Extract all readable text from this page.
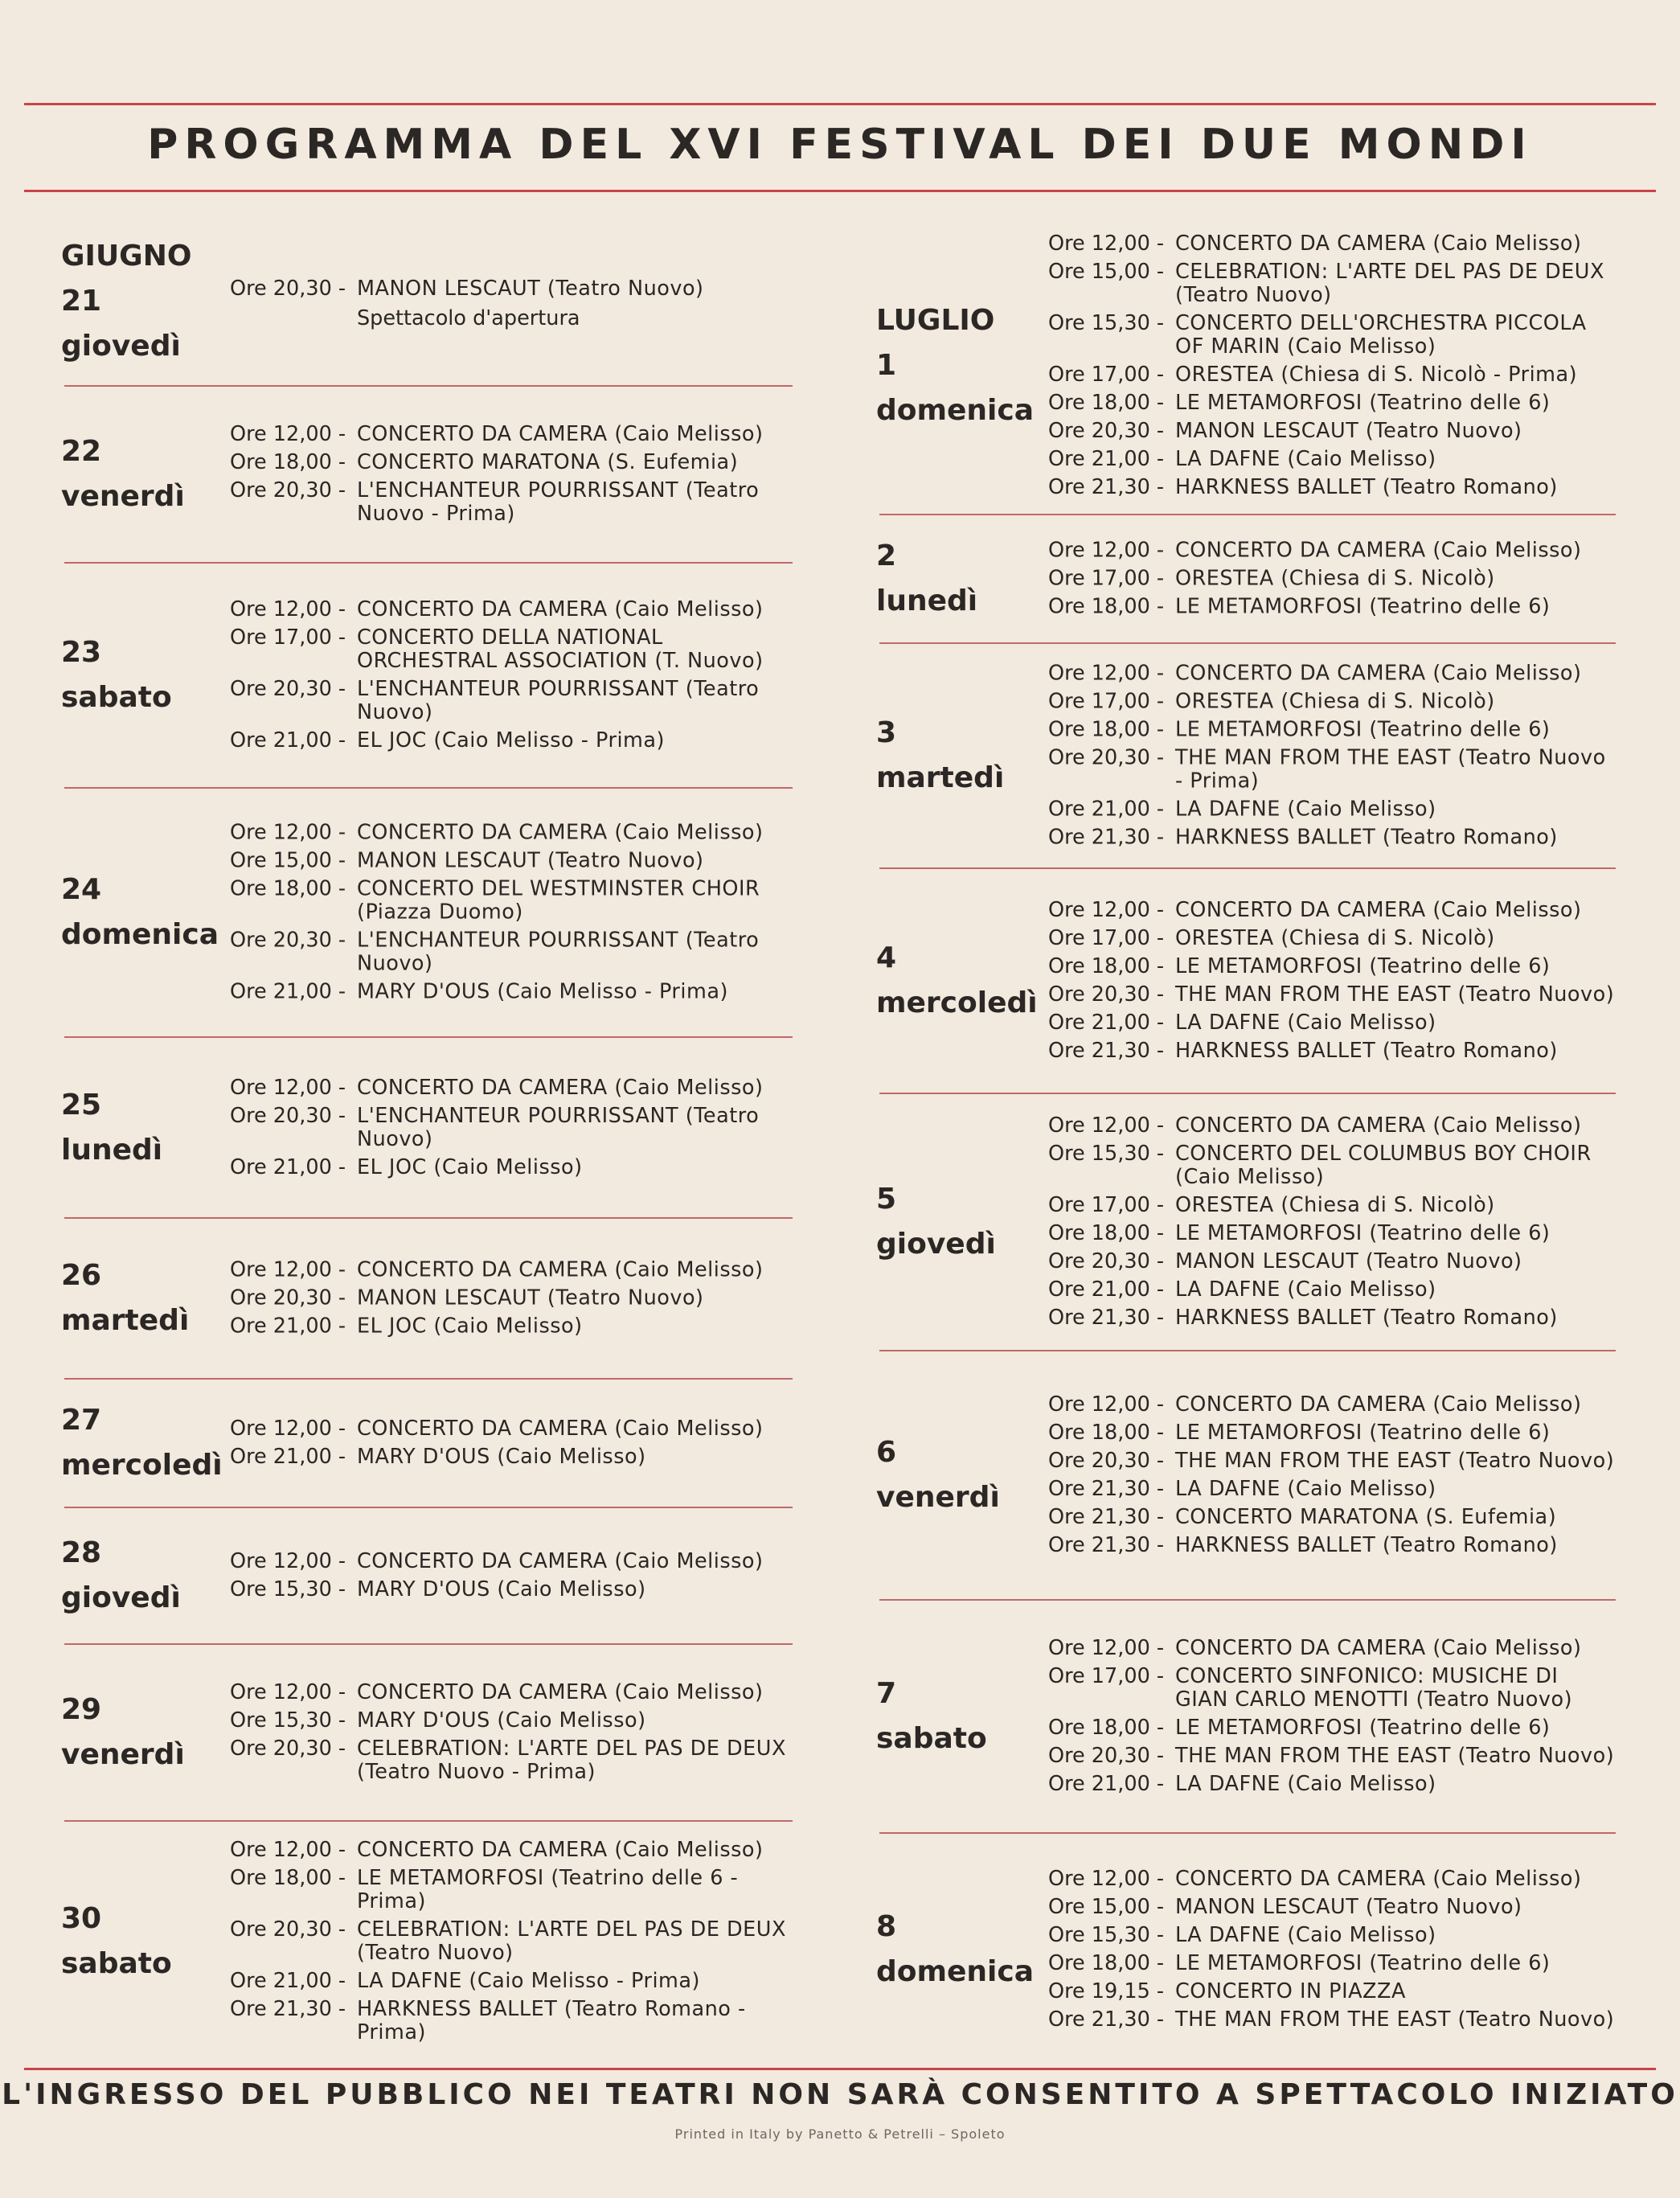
PROGRAMMA DEL XVI FESTIVAL DEI DUE MONDI
GIUGNO
21
giovedì
Ore 20,30 - MANON LESCAUT (Teatro Nuovo)
Spettacolo d'apertura
22
venerdì
Ore 12,00 - CONCERTO DA CAMERA (Caio Melisso)
Ore 18,00 - CONCERTO MARATONA (S. Eufemia)
Ore 20,30 - L'ENCHANTEUR POURRISSANT (Teatro Nuovo - Prima)
23
sabato
Ore 12,00 - CONCERTO DA CAMERA (Caio Melisso)
Ore 17,00 - CONCERTO DELLA NATIONAL ORCHESTRAL ASSOCIATION (T. Nuovo)
Ore 20,30 - L'ENCHANTEUR POURRISSANT (Teatro Nuovo)
Ore 21,00 - EL JOC (Caio Melisso - Prima)
24
domenica
Ore 12,00 - CONCERTO DA CAMERA (Caio Melisso)
Ore 15,00 - MANON LESCAUT (Teatro Nuovo)
Ore 18,00 - CONCERTO DEL WESTMINSTER CHOIR (Piazza Duomo)
Ore 20,30 - L'ENCHANTEUR POURRISSANT (Teatro Nuovo)
Ore 21,00 - MARY D'OUS (Caio Melisso - Prima)
25
lunedì
Ore 12,00 - CONCERTO DA CAMERA (Caio Melisso)
Ore 20,30 - L'ENCHANTEUR POURRISSANT (Teatro Nuovo)
Ore 21,00 - EL JOC (Caio Melisso)
26
martedì
Ore 12,00 - CONCERTO DA CAMERA (Caio Melisso)
Ore 20,30 - MANON LESCAUT (Teatro Nuovo)
Ore 21,00 - EL JOC (Caio Melisso)
27
mercoledì
Ore 12,00 - CONCERTO DA CAMERA (Caio Melisso)
Ore 21,00 - MARY D'OUS (Caio Melisso)
28
giovedì
Ore 12,00 - CONCERTO DA CAMERA (Caio Melisso)
Ore 15,30 - MARY D'OUS (Caio Melisso)
29
venerdì
Ore 12,00 - CONCERTO DA CAMERA (Caio Melisso)
Ore 15,30 - MARY D'OUS (Caio Melisso)
Ore 20,30 - CELEBRATION: L'ARTE DEL PAS DE DEUX (Teatro Nuovo - Prima)
30
sabato
Ore 12,00 - CONCERTO DA CAMERA (Caio Melisso)
Ore 18,00 - LE METAMORFOSI (Teatrino delle 6 - Prima)
Ore 20,30 - CELEBRATION: L'ARTE DEL PAS DE DEUX (Teatro Nuovo)
Ore 21,00 - LA DAFNE (Caio Melisso - Prima)
Ore 21,30 - HARKNESS BALLET (Teatro Romano - Prima)
LUGLIO
1
domenica
Ore 12,00 - CONCERTO DA CAMERA (Caio Melisso)
Ore 15,00 - CELEBRATION: L'ARTE DEL PAS DE DEUX (Teatro Nuovo)
Ore 15,30 - CONCERTO DELL'ORCHESTRA PICCOLA OF MARIN (Caio Melisso)
Ore 17,00 - ORESTEA (Chiesa di S. Nicolò - Prima)
Ore 18,00 - LE METAMORFOSI (Teatrino delle 6)
Ore 20,30 - MANON LESCAUT (Teatro Nuovo)
Ore 21,00 - LA DAFNE (Caio Melisso)
Ore 21,30 - HARKNESS BALLET (Teatro Romano)
2
lunedì
Ore 12,00 - CONCERTO DA CAMERA (Caio Melisso)
Ore 17,00 - ORESTEA (Chiesa di S. Nicolò)
Ore 18,00 - LE METAMORFOSI (Teatrino delle 6)
3
martedì
Ore 12,00 - CONCERTO DA CAMERA (Caio Melisso)
Ore 17,00 - ORESTEA (Chiesa di S. Nicolò)
Ore 18,00 - LE METAMORFOSI (Teatrino delle 6)
Ore 20,30 - THE MAN FROM THE EAST (Teatro Nuovo - Prima)
Ore 21,00 - LA DAFNE (Caio Melisso)
Ore 21,30 - HARKNESS BALLET (Teatro Romano)
4
mercoledì
Ore 12,00 - CONCERTO DA CAMERA (Caio Melisso)
Ore 17,00 - ORESTEA (Chiesa di S. Nicolò)
Ore 18,00 - LE METAMORFOSI (Teatrino delle 6)
Ore 20,30 - THE MAN FROM THE EAST (Teatro Nuovo)
Ore 21,00 - LA DAFNE (Caio Melisso)
Ore 21,30 - HARKNESS BALLET (Teatro Romano)
5
giovedì
Ore 12,00 - CONCERTO DA CAMERA (Caio Melisso)
Ore 15,30 - CONCERTO DEL COLUMBUS BOY CHOIR (Caio Melisso)
Ore 17,00 - ORESTEA (Chiesa di S. Nicolò)
Ore 18,00 - LE METAMORFOSI (Teatrino delle 6)
Ore 20,30 - MANON LESCAUT (Teatro Nuovo)
Ore 21,00 - LA DAFNE (Caio Melisso)
Ore 21,30 - HARKNESS BALLET (Teatro Romano)
6
venerdì
Ore 12,00 - CONCERTO DA CAMERA (Caio Melisso)
Ore 18,00 - LE METAMORFOSI (Teatrino delle 6)
Ore 20,30 - THE MAN FROM THE EAST (Teatro Nuovo)
Ore 21,30 - LA DAFNE (Caio Melisso)
Ore 21,30 - CONCERTO MARATONA (S. Eufemia)
Ore 21,30 - HARKNESS BALLET (Teatro Romano)
7
sabato
Ore 12,00 - CONCERTO DA CAMERA (Caio Melisso)
Ore 17,00 - CONCERTO SINFONICO: MUSICHE DI GIAN CARLO MENOTTI (Teatro Nuovo)
Ore 18,00 - LE METAMORFOSI (Teatrino delle 6)
Ore 20,30 - THE MAN FROM THE EAST (Teatro Nuovo)
Ore 21,00 - LA DAFNE (Caio Melisso)
8
domenica
Ore 12,00 - CONCERTO DA CAMERA (Caio Melisso)
Ore 15,00 - MANON LESCAUT (Teatro Nuovo)
Ore 15,30 - LA DAFNE (Caio Melisso)
Ore 18,00 - LE METAMORFOSI (Teatrino delle 6)
Ore 19,15 - CONCERTO IN PIAZZA
Ore 21,30 - THE MAN FROM THE EAST (Teatro Nuovo)
L'INGRESSO DEL PUBBLICO NEI TEATRI NON SARÀ CONSENTITO A SPETTACOLO INIZIATO
Printed in Italy by Panetto & Petrelli – Spoleto
